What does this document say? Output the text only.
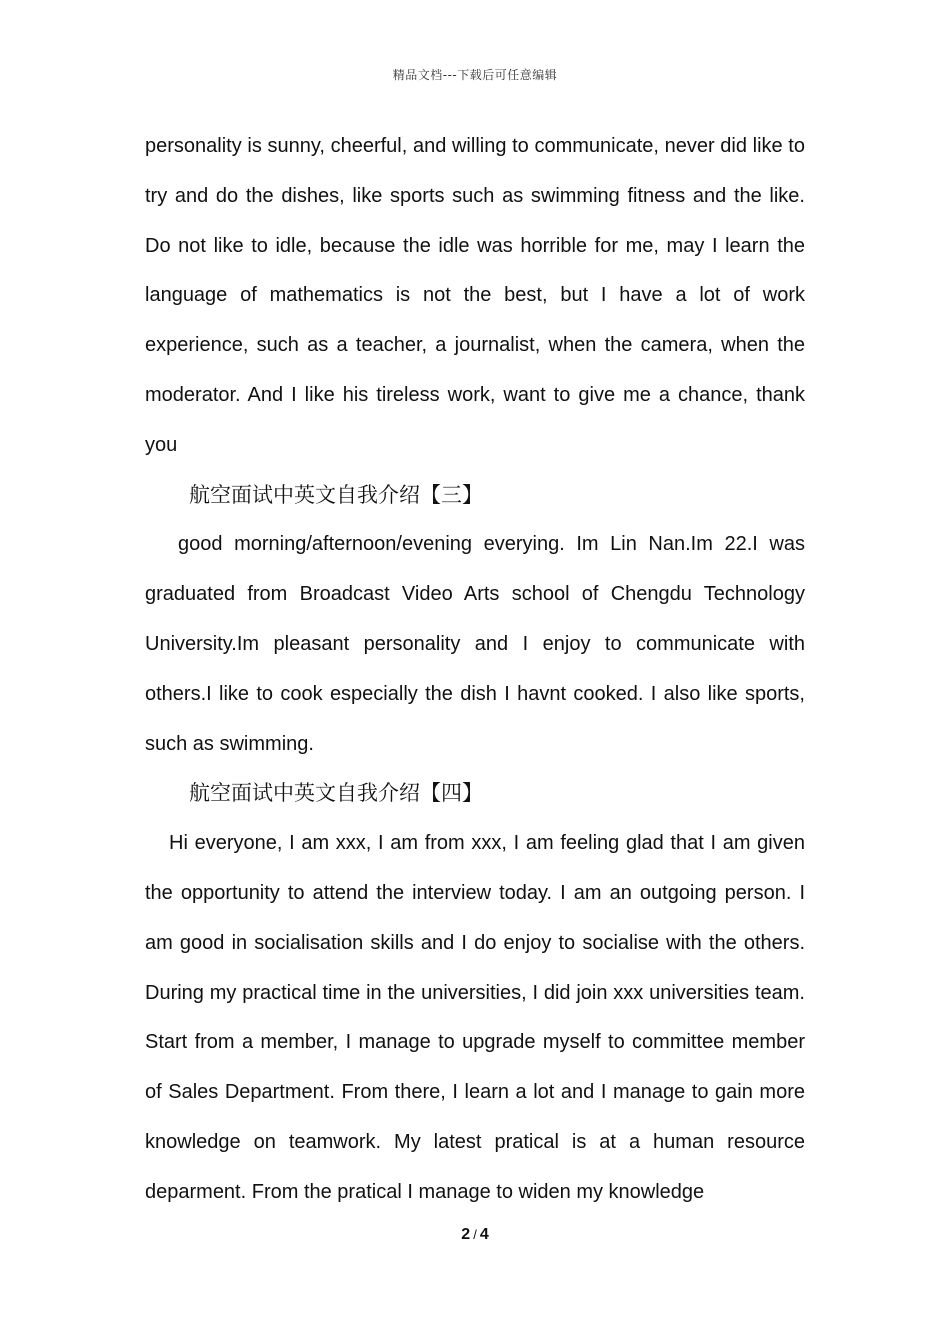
精品文档---下载后可任意编辑

personality is sunny, cheerful, and willing to communicate, never did like to try and do the dishes, like sports such as swimming fitness and the like. Do not like to idle, because the idle was horrible for me, may I learn the language of mathematics is not the best, but I have a lot of work experience, such as a teacher, a journalist, when the camera, when the moderator. And I like his tireless work, want to give me a chance, thank you

航空面试中英文自我介绍【三】

good morning/afternoon/evening everying. Im Lin Nan.Im 22.I was graduated from Broadcast Video Arts school of Chengdu Technology University.Im pleasant personality and I enjoy to communicate with others.I like to cook especially the dish I havnt cooked. I also like sports, such as swimming.

航空面试中英文自我介绍【四】

Hi everyone, I am xxx, I am from xxx, I am feeling glad that I am given the opportunity to attend the interview today. I am an outgoing person. I am good in socialisation skills and I do enjoy to socialise with the others. During my practical time in the universities, I did join xxx universities team. Start from a member, I manage to upgrade myself to committee member of Sales Department. From there, I learn a lot and I manage to gain more knowledge on teamwork. My latest pratical is at a human resource deparment. From the pratical I manage to widen my knowledge

2 / 4
